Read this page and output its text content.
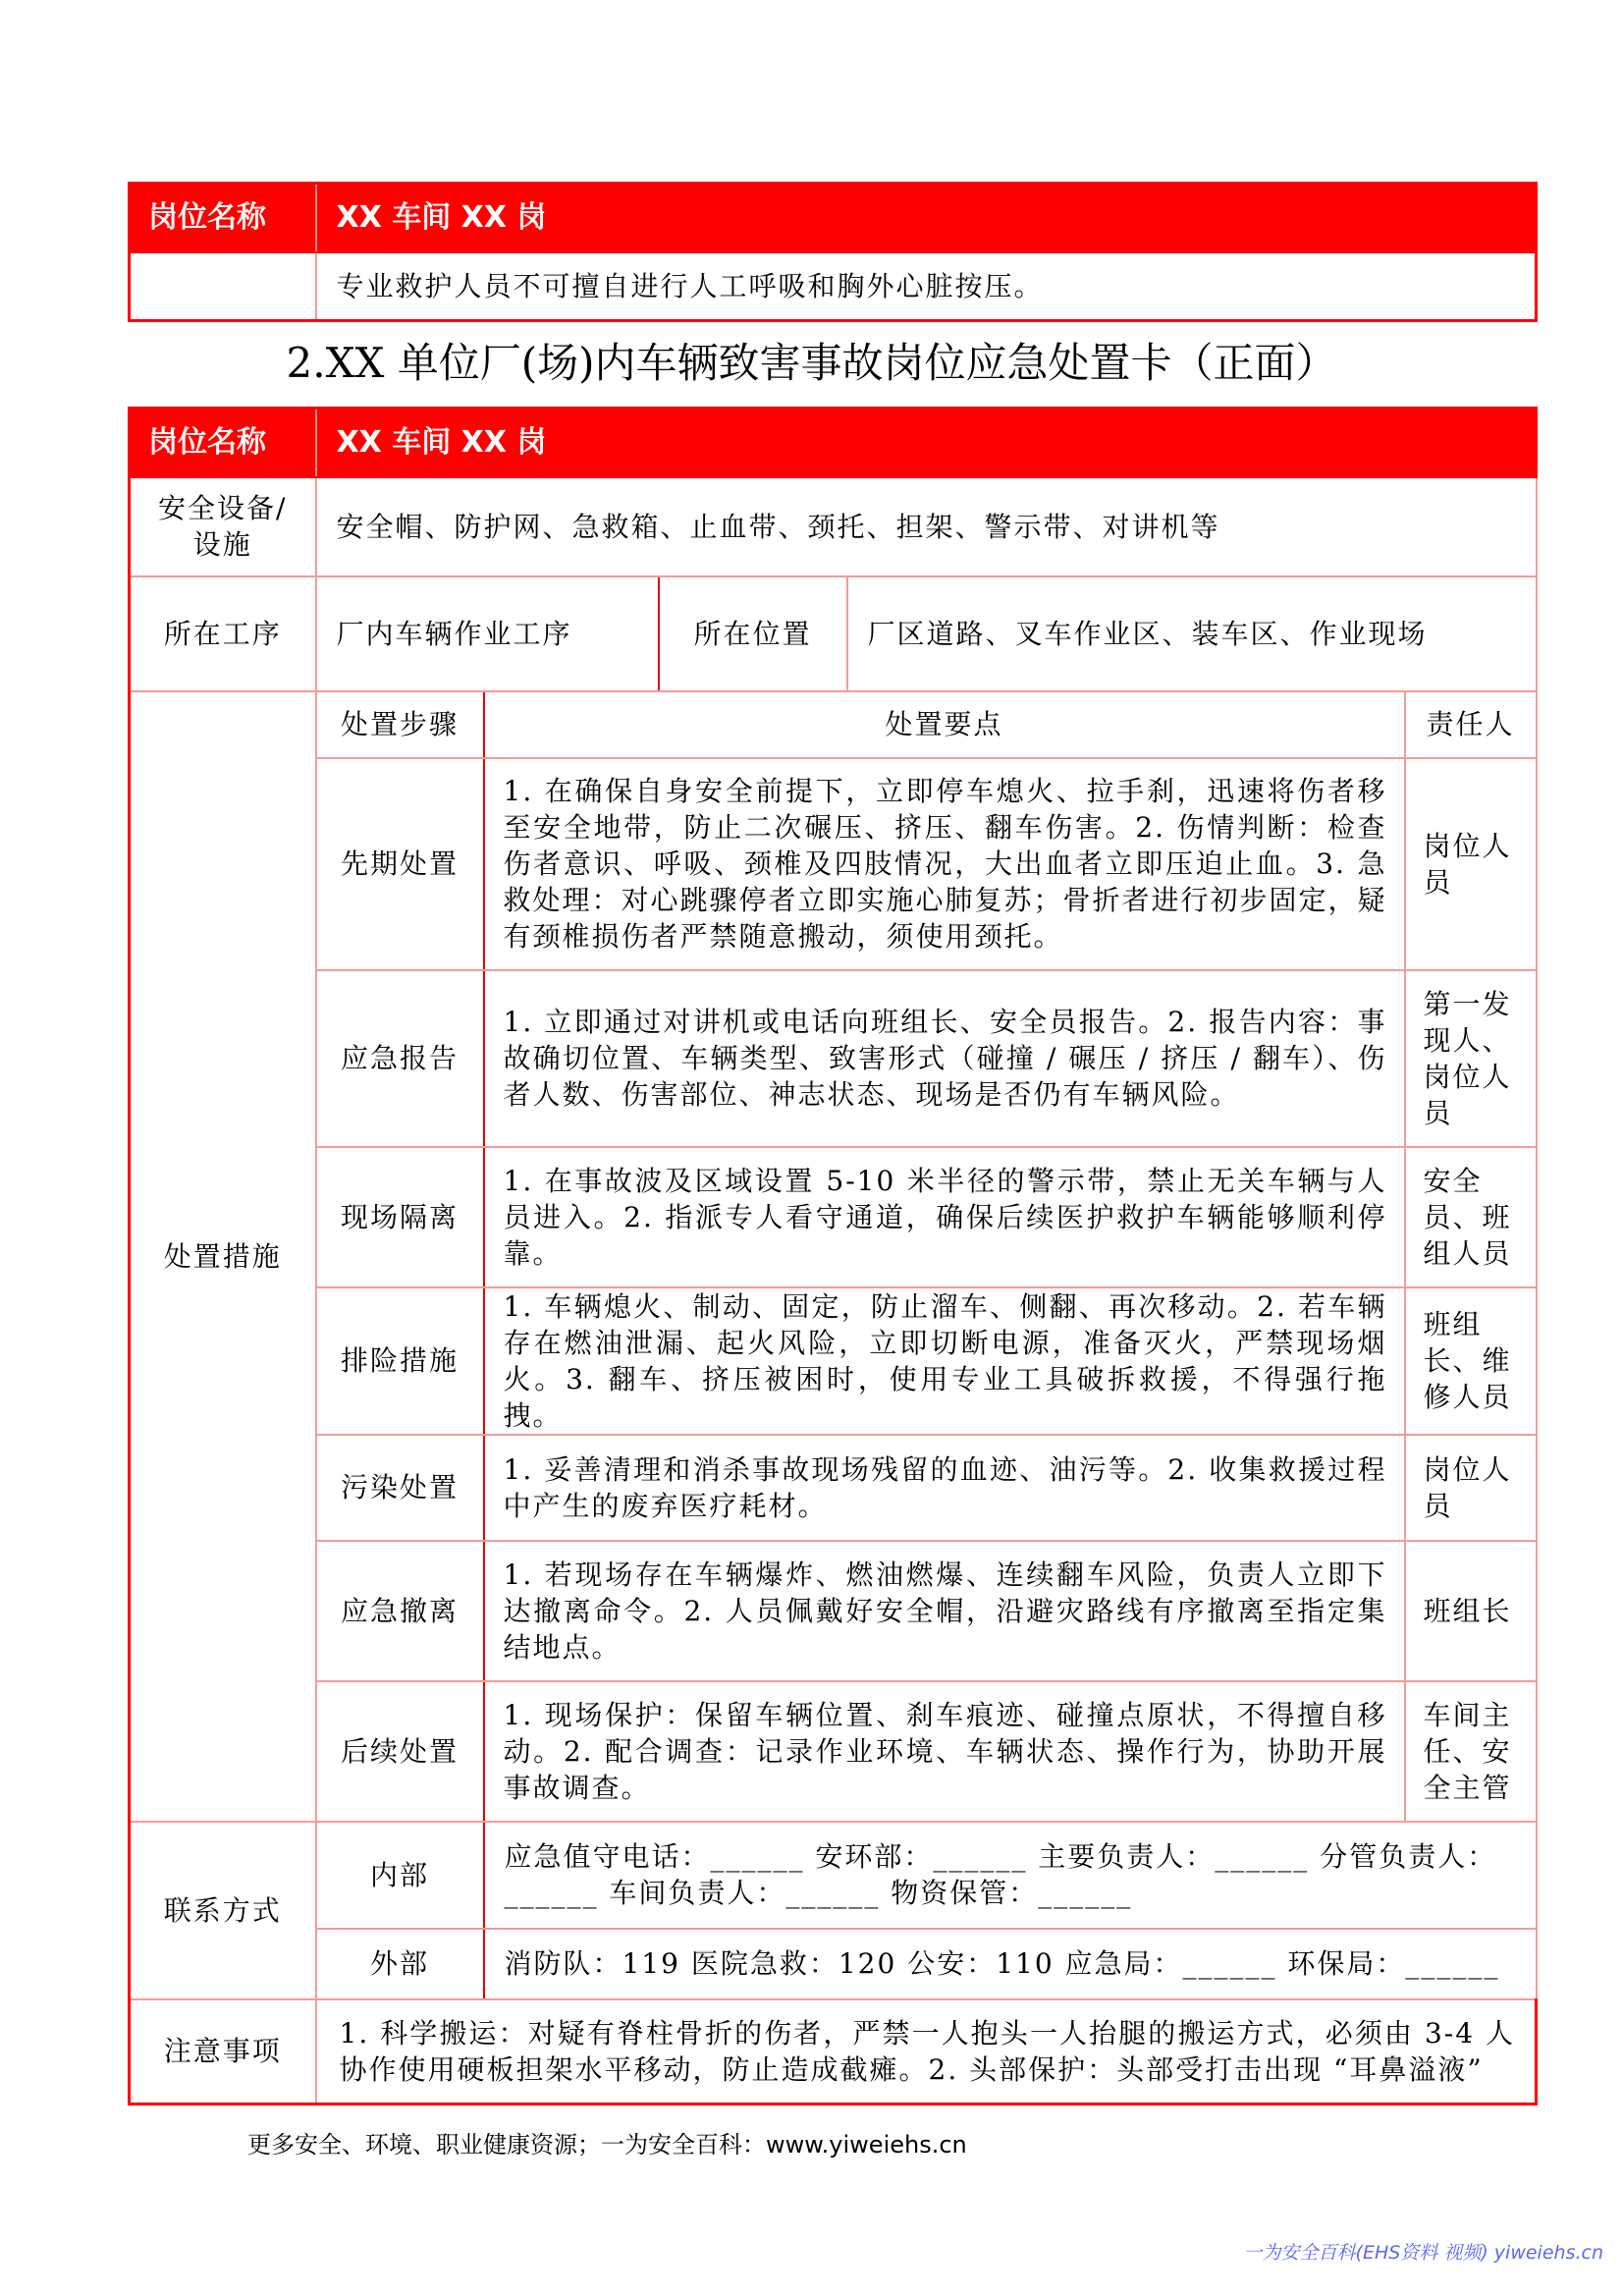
岗位名称	XX 车间 XX 岗
	专业救护人员不可擅自进行人工呼吸和胸外心脏按压。
2.XX 单位厂(场)内车辆致害事故岗位应急处置卡（正面）
岗位名称	XX 车间 XX 岗				
安全设备/设施	安全帽、防护网、急救箱、止血带、颈托、担架、警示带、对讲机等				
所在工序	厂内车辆作业工序		所在位置	厂区道路、叉车作业区、装车区、作业现场	
处置措施	处置步骤	处置要点			责任人
	先期处置	1. 在确保自身安全前提下，立即停车熄火、拉手刹，迅速将伤者移至安全地带，防止二次碾压、挤压、翻车伤害。2. 伤情判断：检查伤者意识、呼吸、颈椎及四肢情况，大出血者立即压迫止血。3. 急救处理：对心跳骤停者立即实施心肺复苏；骨折者进行初步固定，疑有颈椎损伤者严禁随意搬动，须使用颈托。			岗位人员
	应急报告	1. 立即通过对讲机或电话向班组长、安全员报告。2. 报告内容：事故确切位置、车辆类型、致害形式（碰撞 / 碾压 / 挤压 / 翻车）、伤者人数、伤害部位、神志状态、现场是否仍有车辆风险。			第一发现人、岗位人员
	现场隔离	1. 在事故波及区域设置 5-10 米半径的警示带，禁止无关车辆与人员进入。2. 指派专人看守通道，确保后续医护救护车辆能够顺利停靠。			安全员、班组人员
	排险措施	1. 车辆熄火、制动、固定，防止溜车、侧翻、再次移动。2. 若车辆存在燃油泄漏、起火风险，立即切断电源，准备灭火，严禁现场烟火。3. 翻车、挤压被困时，使用专业工具破拆救援，不得强行拖拽。			班组长、维修人员
	污染处置	1. 妥善清理和消杀事故现场残留的血迹、油污等。2. 收集救援过程中产生的废弃医疗耗材。			岗位人员
	应急撤离	1. 若现场存在车辆爆炸、燃油燃爆、连续翻车风险，负责人立即下达撤离命令。2. 人员佩戴好安全帽，沿避灾路线有序撤离至指定集结地点。			班组长
	后续处置	1. 现场保护：保留车辆位置、刹车痕迹、碰撞点原状，不得擅自移动。2. 配合调查：记录作业环境、车辆状态、操作行为，协助开展事故调查。			车间主任、安全主管
联系方式	内部	应急值守电话：______ 安环部：______ 主要负责人：______ 分管负责人：______ 车间负责人：______ 物资保管：______			
	外部	消防队：119 医院急救：120 公安：110 应急局：______ 环保局：______			
注意事项	1. 科学搬运：对疑有脊柱骨折的伤者，严禁一人抱头一人抬腿的搬运方式，必须由 3-4 人协作使用硬板担架水平移动，防止造成截瘫。2. 头部保护：头部受打击出现 “耳鼻溢液”				
更多安全、环境、职业健康资源；一为安全百科：www.yiweiehs.cn
一为安全百科(EHS资料 视频) yiweiehs.cn
